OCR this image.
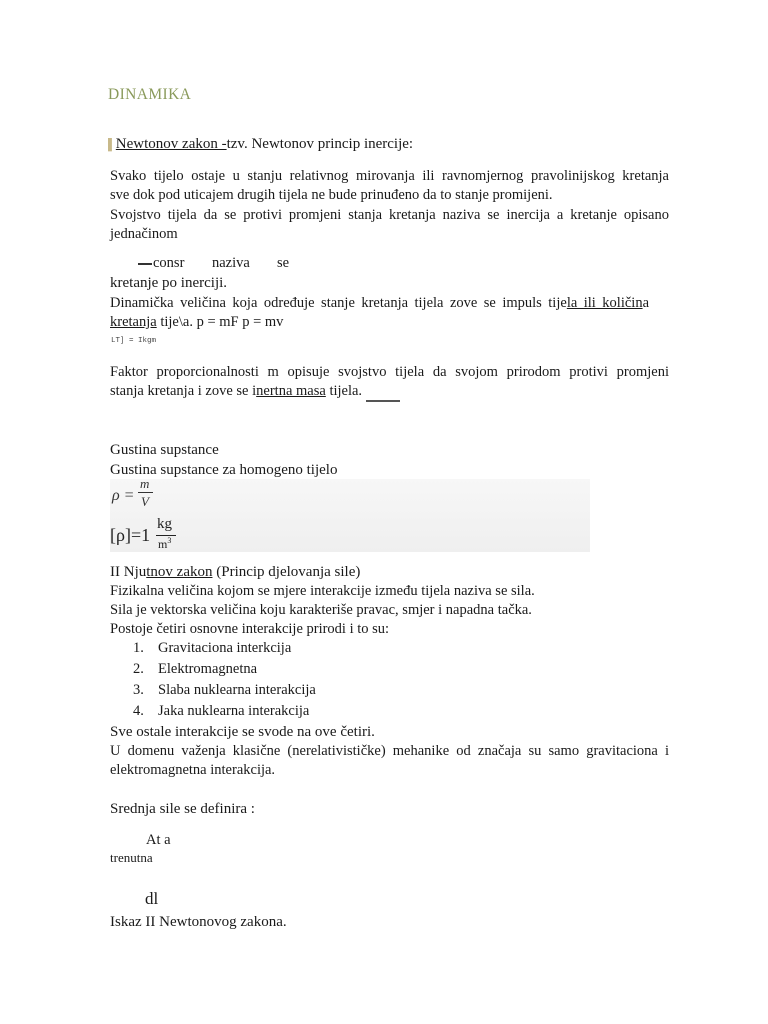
DINAMIKA
▌Newtonov zakon -tzv. Newtonov princip inercije:
Svako tijelo ostaje u stanju relativnog mirovanja ili ravnomjernog pravolinijskog kretanja
sve dok pod uticajem drugih tijela ne bude prinuđeno da to stanje promijeni.
Svojstvo tijela da se protivi promjeni stanja kretanja naziva se inercija a kretanje opisano
jednačinom
consr naziva se
kretanje po inerciji.
Dinamička veličina koja određuje stanje kretanja tijela zove se impuls tijela ili količina
kretanja tije\a. p = mF p = mv
LT] = Ikgm
Faktor proporcionalnosti m opisuje svojstvo tijela da svojom prirodom protivi promjeni
stanja kretanja i zove se inertna masa tijela.
Gustina supstance
Gustina supstance za homogeno tijelo
ρ =
m
V
[ρ]=1
kg
$m^3$
II Njutnov zakon (Princip djelovanja sile)
Fizikalna veličina kojom se mjere interakcije između tijela naziva se sila.
Sila je vektorska veličina koju karakteriše pravac, smjer i napadna tačka.
Postoje četiri osnovne interakcije prirodi i to su:
1. Gravitaciona interkcija
2. Elektromagnetna
3. Slaba nuklearna interakcija
4. Jaka nuklearna interakcija
Sve ostale interakcije se svode na ove četiri.
U domenu važenja klasične (nerelativističke) mehanike od značaja su samo gravitaciona i
elektromagnetna interakcija.
Srednja sile se definira :
At a
trenutna
dl
Iskaz II Newtonovog zakona.
